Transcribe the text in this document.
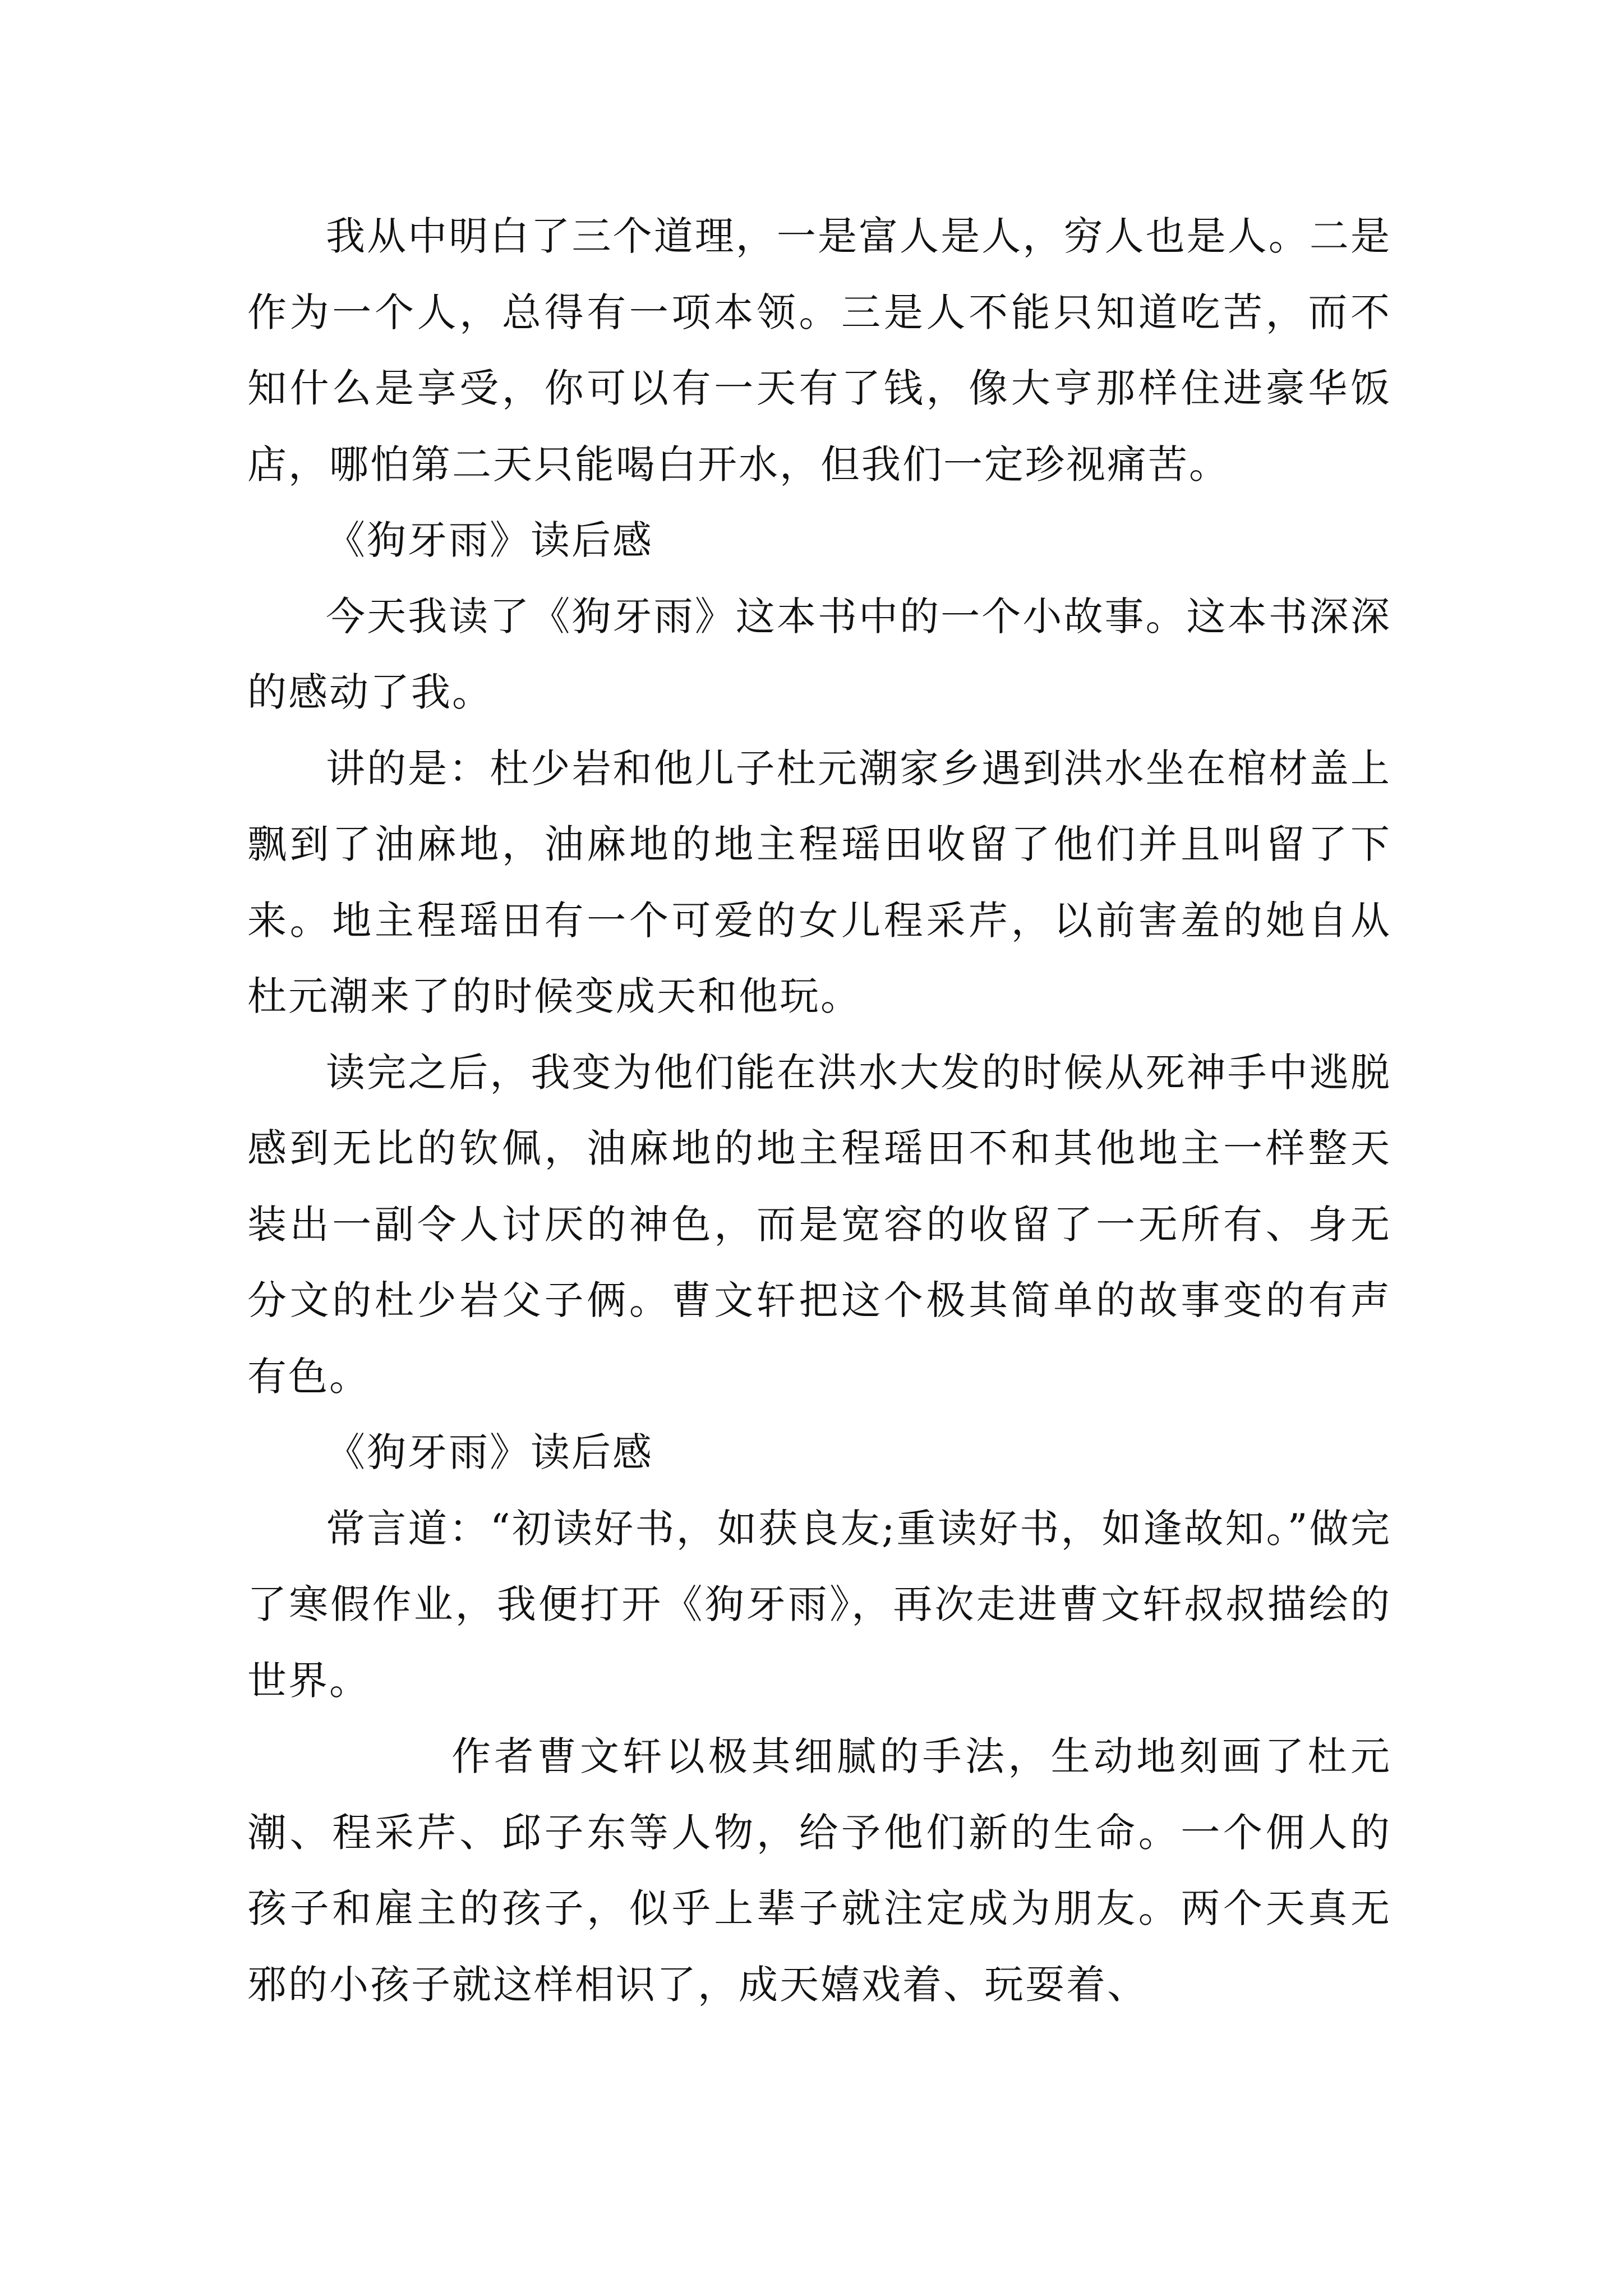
我从中明白了三个道理，一是富人是人，穷人也是人。二是作为一个人，总得有一项本领。三是人不能只知道吃苦，而不知什么是享受，你可以有一天有了钱，像大亨那样住进豪华饭店，哪怕第二天只能喝白开水，但我们一定珍视痛苦。

《狗牙雨》读后感

今天我读了《狗牙雨》这本书中的一个小故事。这本书深深的感动了我。

讲的是：杜少岩和他儿子杜元潮家乡遇到洪水坐在棺材盖上飘到了油麻地，油麻地的地主程瑶田收留了他们并且叫留了下来。地主程瑶田有一个可爱的女儿程采芹，以前害羞的她自从杜元潮来了的时候变成天和他玩。

读完之后，我变为他们能在洪水大发的时候从死神手中逃脱感到无比的钦佩，油麻地的地主程瑶田不和其他地主一样整天装出一副令人讨厌的神色，而是宽容的收留了一无所有、身无分文的杜少岩父子俩。曹文轩把这个极其简单的故事变的有声有色。

《狗牙雨》读后感

常言道：“初读好书，如获良友;重读好书，如逢故知。”做完了寒假作业，我便打开《狗牙雨》，再次走进曹文轩叔叔描绘的世界。

作者曹文轩以极其细腻的手法，生动地刻画了杜元潮、程采芹、邱子东等人物，给予他们新的生命。一个佣人的孩子和雇主的孩子，似乎上辈子就注定成为朋友。两个天真无邪的小孩子就这样相识了，成天嬉戏着、玩耍着、
